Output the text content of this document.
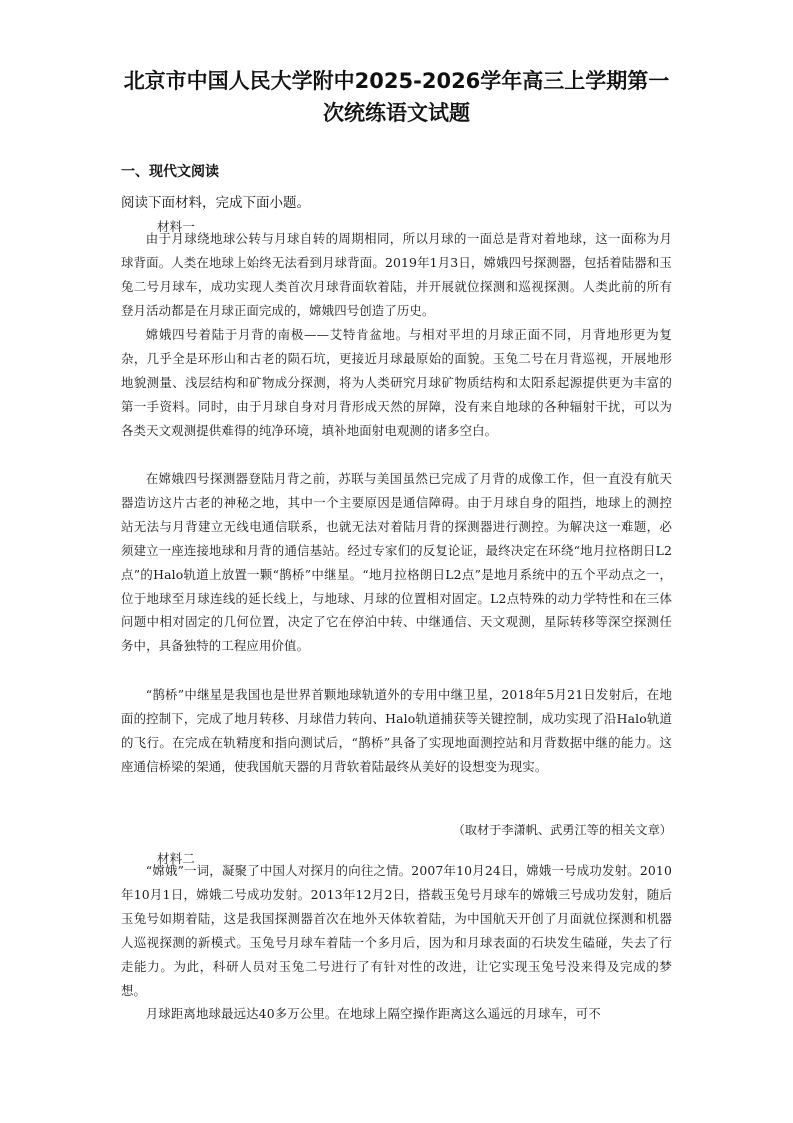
北京市中国人民大学附中2025-2026学年高三上学期第一
次统练语文试题
一、现代文阅读
阅读下面材料，完成下面小题。
材料一

由于月球绕地球公转与月球自转的周期相同，所以月球的一面总是背对着地球，这一面称为月球背面。人类在地球上始终无法看到月球背面。2019年1月3日，嫦娥四号探测器，包括着陆器和玉兔二号月球车，成功实现人类首次月球背面软着陆，并开展就位探测和巡视探测。人类此前的所有登月活动都是在月球正面完成的，嫦娥四号创造了历史。

嫦娥四号着陆于月背的南极——艾特肯盆地。与相对平坦的月球正面不同，月背地形更为复杂，几乎全是环形山和古老的陨石坑，更接近月球最原始的面貌。玉兔二号在月背巡视，开展地形地貌测量、浅层结构和矿物成分探测，将为人类研究月球矿物质结构和太阳系起源提供更为丰富的第一手资料。同时，由于月球自身对月背形成天然的屏障，没有来自地球的各种辐射干扰，可以为各类天文观测提供难得的纯净环境，填补地面射电观测的诸多空白。

在嫦娥四号探测器登陆月背之前，苏联与美国虽然已完成了月背的成像工作，但一直没有航天器造访这片古老的神秘之地，其中一个主要原因是通信障碍。由于月球自身的阻挡，地球上的测控站无法与月背建立无线电通信联系，也就无法对着陆月背的探测器进行测控。为解决这一难题，必须建立一座连接地球和月背的通信基站。经过专家们的反复论证，最终决定在环绕“地月拉格朗日L2点”的Halo轨道上放置一颗“鹊桥”中继星。“地月拉格朗日L2点”是地月系统中的五个平动点之一，位于地球至月球连线的延长线上，与地球、月球的位置相对固定。L2点特殊的动力学特性和在三体问题中相对固定的几何位置，决定了它在停泊中转、中继通信、天文观测，星际转移等深空探测任务中，具备独特的工程应用价值。

“鹊桥”中继星是我国也是世界首颗地球轨道外的专用中继卫星，2018年5月21日发射后，在地面的控制下，完成了地月转移、月球借力转向、Halo轨道捕获等关键控制，成功实现了沿Halo轨道的飞行。在完成在轨精度和指向测试后，“鹊桥”具备了实现地面测控站和月背数据中继的能力。这座通信桥梁的架通，使我国航天器的月背软着陆最终从美好的设想变为现实。

（取材于李潇帆、武勇江等的相关文章）
材料二

“嫦娥”一词，凝聚了中国人对探月的向往之情。2007年10月24日，嫦娥一号成功发射。2010年10月1日，嫦娥二号成功发射。2013年12月2日，搭载玉兔号月球车的嫦娥三号成功发射，随后玉兔号如期着陆，这是我国探测器首次在地外天体软着陆，为中国航天开创了月面就位探测和机器人巡视探测的新模式。玉兔号月球车着陆一个多月后，因为和月球表面的石块发生磕碰，失去了行走能力。为此，科研人员对玉兔二号进行了有针对性的改进，让它实现玉兔号没来得及完成的梦想。

月球距离地球最远达40多万公里。在地球上隔空操作距离这么遥远的月球车，可不
